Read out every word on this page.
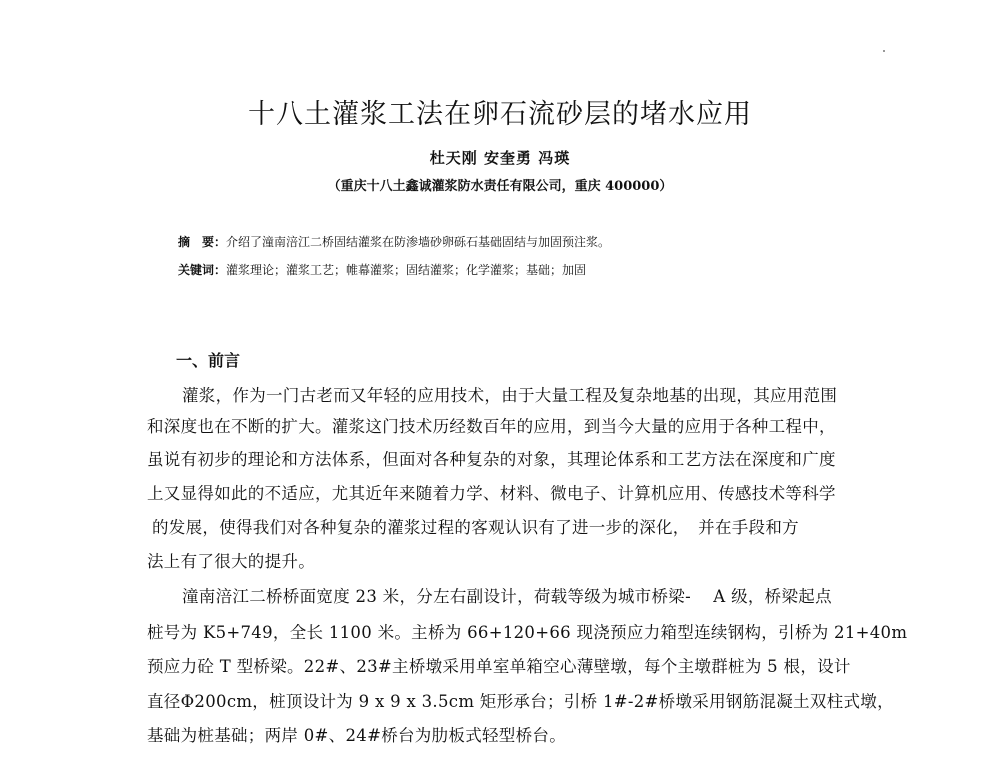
十八土灌浆工法在卵石流砂层的堵水应用
杜天刚 安奎勇 冯瑛
（重庆十八土鑫诚灌浆防水责任有限公司，重庆 400000）
摘　要：介绍了潼南涪江二桥固结灌浆在防渗墙砂卵砾石基础固结与加固预注浆。
关键词：灌浆理论；灌浆工艺；帷幕灌浆；固结灌浆；化学灌浆；基础；加固
一、前言
灌浆，作为一门古老而又年轻的应用技术，由于大量工程及复杂地基的出现，其应用范围
和深度也在不断的扩大。灌浆这门技术历经数百年的应用，到当今大量的应用于各种工程中，
虽说有初步的理论和方法体系，但面对各种复杂的对象，其理论体系和工艺方法在深度和广度
上又显得如此的不适应，尤其近年来随着力学、材料、微电子、计算机应用、传感技术等科学
的发展，使得我们对各种复杂的灌浆过程的客观认识有了进一步的深化，　并在手段和方
法上有了很大的提升。
潼南涪江二桥桥面宽度 23 米，分左右副设计，荷载等级为城市桥梁-　 A 级，桥梁起点
桩号为 K5+749，全长 1100 米。主桥为 66+120+66 现浇预应力箱型连续钢构，引桥为 21+40m
预应力砼 T 型桥梁。22#、23#主桥墩采用单室单箱空心薄壁墩，每个主墩群桩为 5 根，设计
直径Φ200cm，桩顶设计为 9 x 9 x 3.5cm 矩形承台；引桥 1#-2#桥墩采用钢筋混凝土双柱式墩，
基础为桩基础；两岸 0#、24#桥台为肋板式轻型桥台。
